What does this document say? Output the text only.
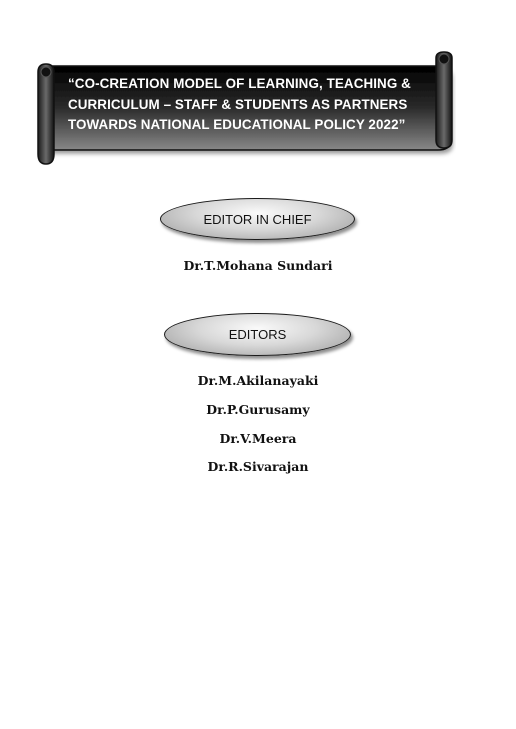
“CO-CREATION MODEL OF LEARNING, TEACHING &
CURRICULUM – STAFF & STUDENTS AS PARTNERS
TOWARDS NATIONAL EDUCATIONAL POLICY 2022”
EDITOR IN CHIEF
Dr.T.Mohana Sundari
EDITORS
Dr.M.Akilanayaki
Dr.P.Gurusamy
Dr.V.Meera
Dr.R.Sivarajan
